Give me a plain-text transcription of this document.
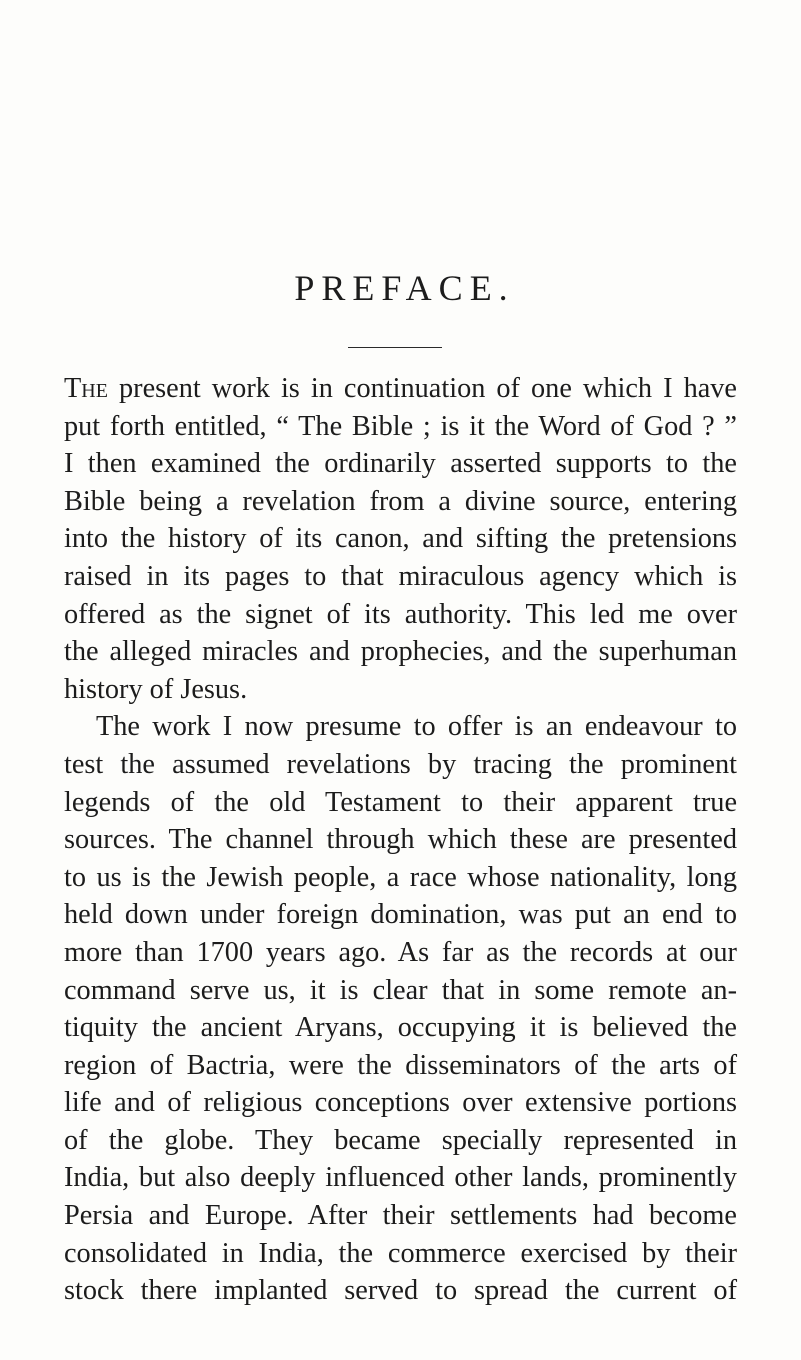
PREFACE.
The present work is in continuation of one which I have
put forth entitled, “ The Bible ; is it the Word of God ? ”
I then examined the ordinarily asserted supports to the
Bible being a revelation from a divine source, entering
into the history of its canon, and sifting the pretensions
raised in its pages to that miraculous agency which is
offered as the signet of its authority. This led me over
the alleged miracles and prophecies, and the superhuman
history of Jesus.
The work I now presume to offer is an endeavour to
test the assumed revelations by tracing the prominent
legends of the old Testament to their apparent true
sources. The channel through which these are presented
to us is the Jewish people, a race whose nationality, long
held down under foreign domination, was put an end to
more than 1700 years ago. As far as the records at our
command serve us, it is clear that in some remote an-
tiquity the ancient Aryans, occupying it is believed the
region of Bactria, were the disseminators of the arts of
life and of religious conceptions over extensive portions
of the globe. They became specially represented in
India, but also deeply influenced other lands, prominently
Persia and Europe. After their settlements had become
consolidated in India, the commerce exercised by their
stock there implanted served to spread the current of
